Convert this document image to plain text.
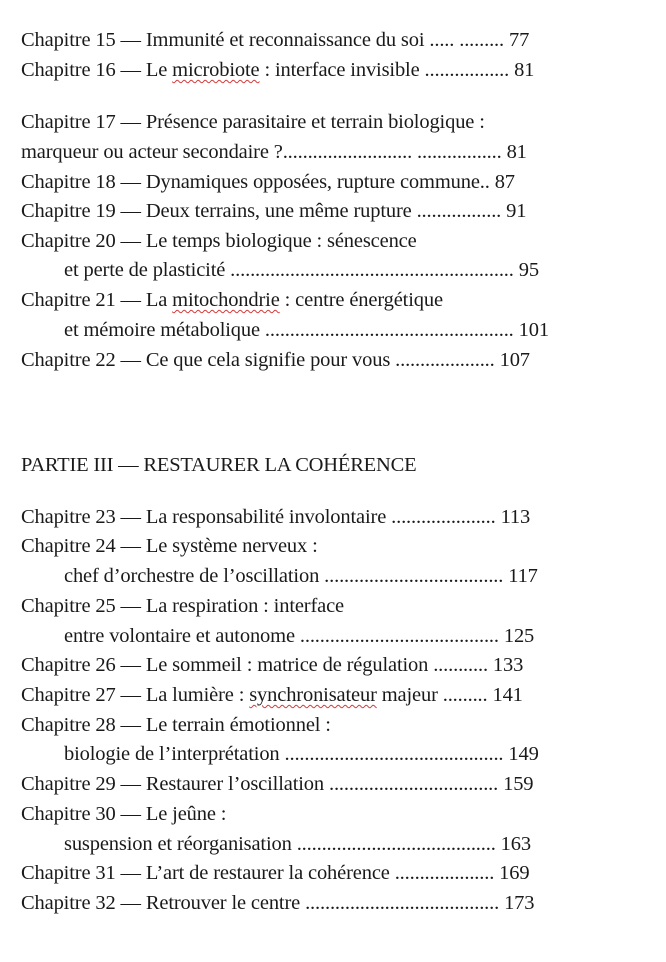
Chapitre 15 — Immunité et reconnaissance du soi ..... ......... 77
Chapitre 16 — Le microbiote : interface invisible ................. 81
Chapitre 17 — Présence parasitaire et terrain biologique :
marqueur ou acteur secondaire ?.......................... ................. 81
Chapitre 18 — Dynamiques opposées, rupture commune.. 87
Chapitre 19 — Deux terrains, une même rupture ................. 91
Chapitre 20 — Le temps biologique : sénescence
et perte de plasticité ......................................................... 95
Chapitre 21 — La mitochondrie : centre énergétique
et mémoire métabolique .................................................. 101
Chapitre 22 — Ce que cela signifie pour vous .................... 107
PARTIE III — RESTAURER LA COHÉRENCE
Chapitre 23 — La responsabilité involontaire ..................... 113
Chapitre 24 — Le système nerveux :
chef d’orchestre de l’oscillation .................................... 117
Chapitre 25 — La respiration : interface
entre volontaire et autonome ........................................ 125
Chapitre 26 — Le sommeil : matrice de régulation ........... 133
Chapitre 27 — La lumière : synchronisateur majeur ......... 141
Chapitre 28 — Le terrain émotionnel :
biologie de l’interprétation ............................................ 149
Chapitre 29 — Restaurer l’oscillation .................................. 159
Chapitre 30 — Le jeûne :
suspension et réorganisation ........................................ 163
Chapitre 31 — L’art de restaurer la cohérence .................... 169
Chapitre 32 — Retrouver le centre ....................................... 173
